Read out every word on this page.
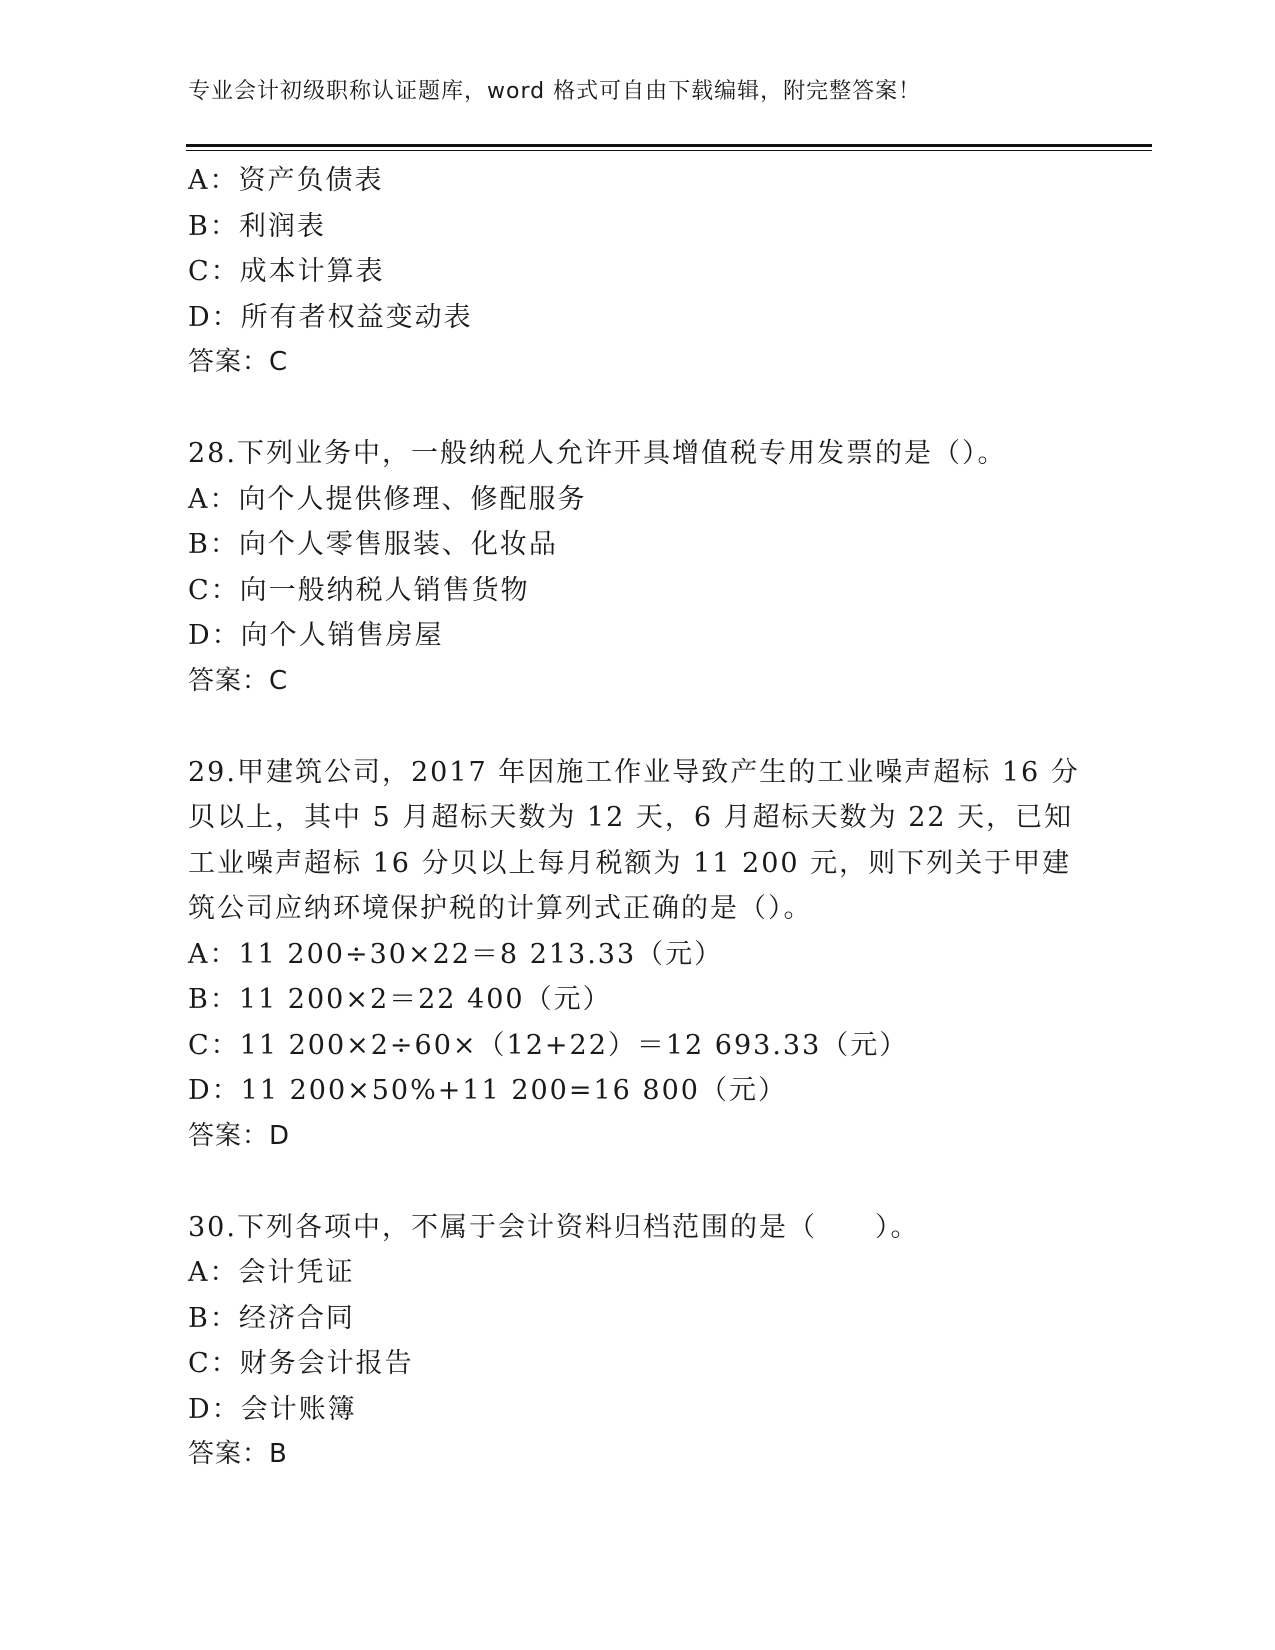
专业会计初级职称认证题库，word 格式可自由下载编辑，附完整答案！
A：资产负债表
B：利润表
C：成本计算表
D：所有者权益变动表
答案：C
28.下列业务中，一般纳税人允许开具增值税专用发票的是（）。
A：向个人提供修理、修配服务
B：向个人零售服装、化妆品
C：向一般纳税人销售货物
D：向个人销售房屋
答案：C
29.甲建筑公司，2017 年因施工作业导致产生的工业噪声超标 16 分
贝以上，其中 5 月超标天数为 12 天，6 月超标天数为 22 天，已知
工业噪声超标 16 分贝以上每月税额为 11 200 元，则下列关于甲建
筑公司应纳环境保护税的计算列式正确的是（）。
A：11 200÷30×22＝8 213.33（元）
B：11 200×2＝22 400（元）
C：11 200×2÷60×（12+22）＝12 693.33（元）
D：11 200×50%+11 200=16 800（元）
答案：D
30.下列各项中，不属于会计资料归档范围的是（　　）。
A：会计凭证
B：经济合同
C：财务会计报告
D：会计账簿
答案：B
